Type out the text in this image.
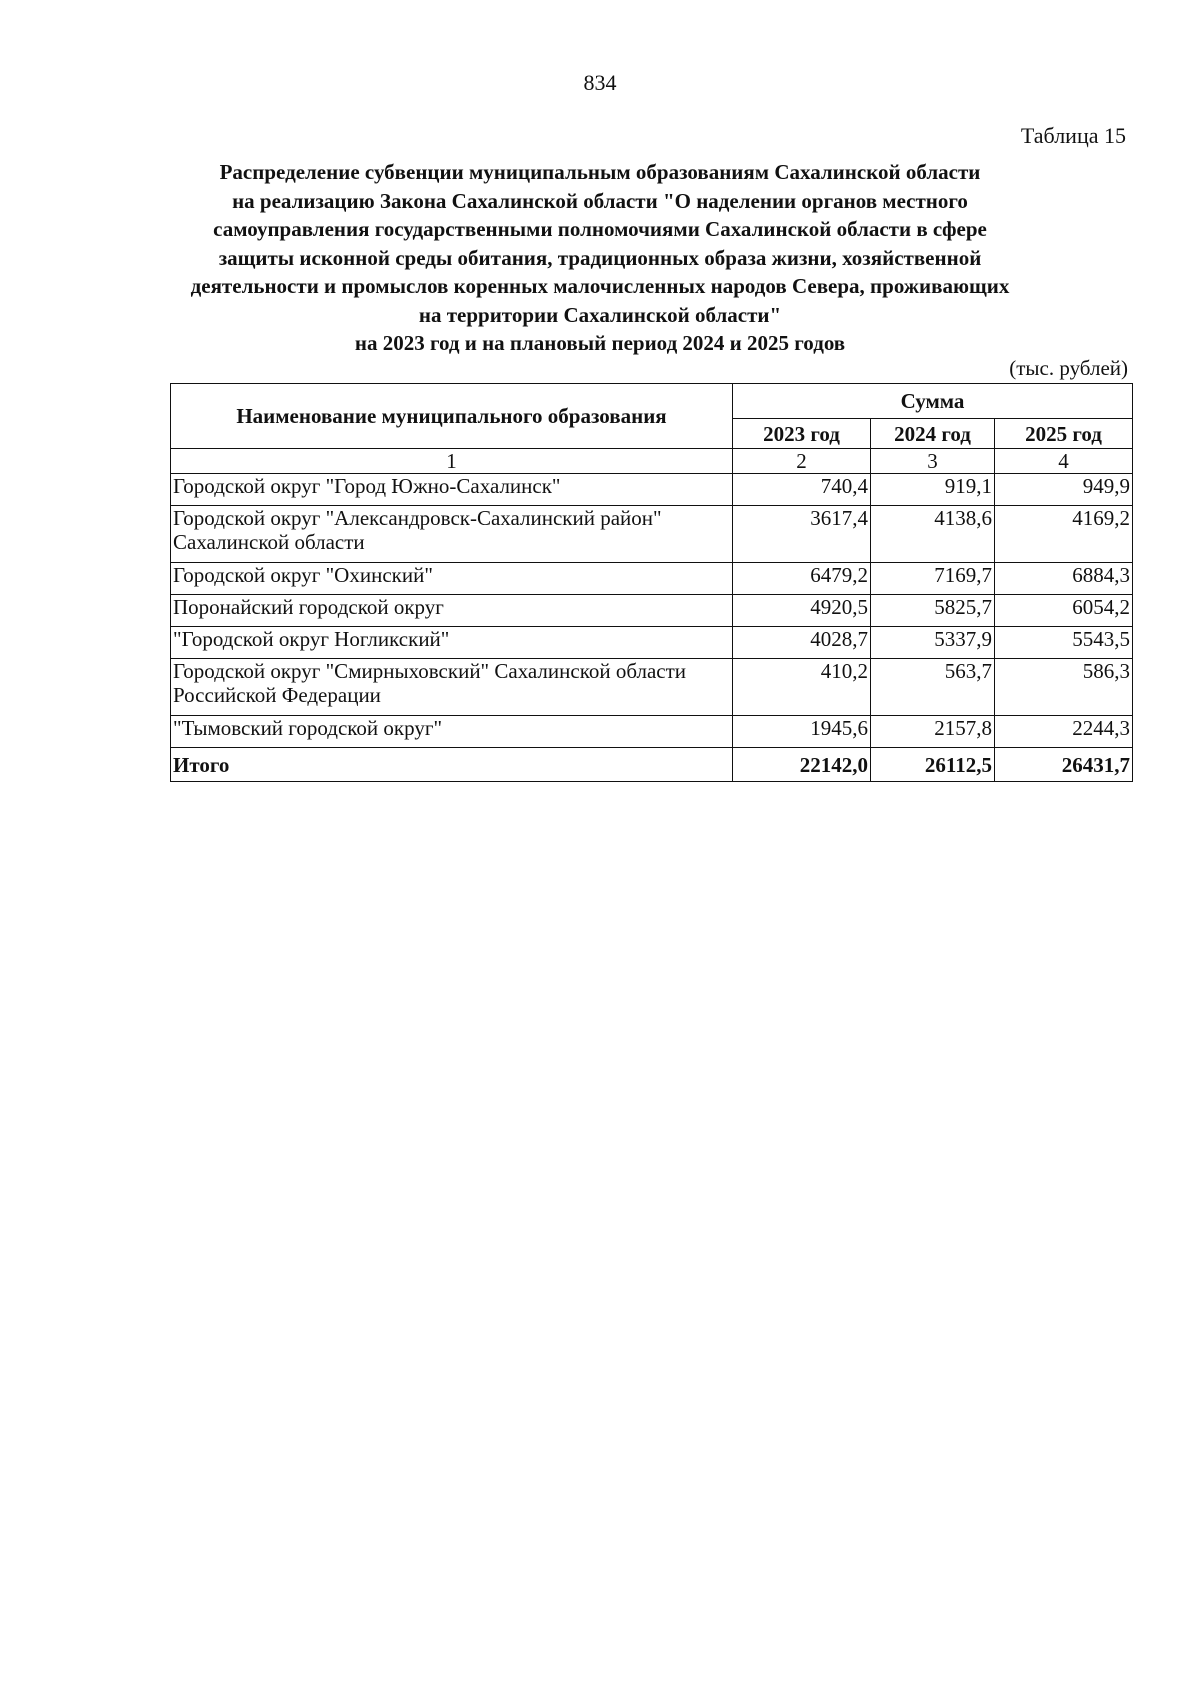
834
Таблица 15
Распределение субвенции муниципальным образованиям Сахалинской области
на реализацию Закона Сахалинской области "О наделении органов местного
самоуправления государственными полномочиями Сахалинской области в сфере
защиты исконной среды обитания, традиционных образа жизни, хозяйственной
деятельности и промыслов коренных малочисленных народов Севера, проживающих
на территории Сахалинской области"
на 2023 год и на плановый период 2024 и 2025 годов
(тыс. рублей)
Наименование муниципального образования	Сумма		
	2023 год	2024 год	2025 год
1	2	3	4
Городской округ "Город Южно-Сахалинск"	740,4	919,1	949,9
Городской округ "Александровск-Сахалинский район" Сахалинской области	3617,4	4138,6	4169,2
Городской округ "Охинский"	6479,2	7169,7	6884,3
Поронайский городской округ	4920,5	5825,7	6054,2
"Городской округ Ногликский"	4028,7	5337,9	5543,5
Городской округ "Смирныховский" Сахалинской области Российской Федерации	410,2	563,7	586,3
"Тымовский городской округ"	1945,6	2157,8	2244,3
Итого	22142,0	26112,5	26431,7
